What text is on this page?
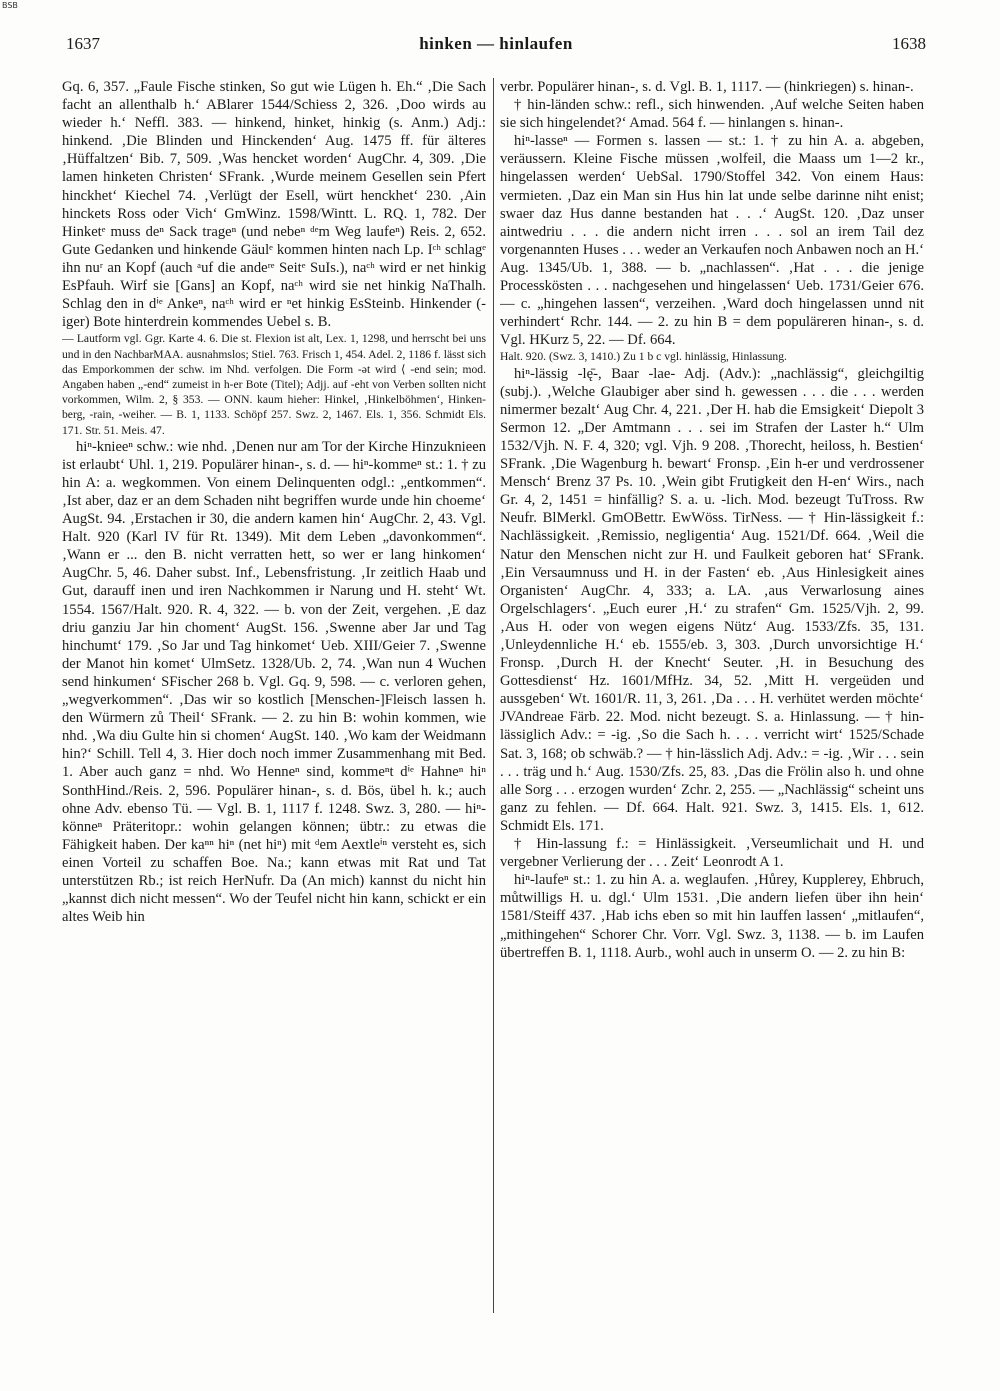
BSB
1637	hinken — hinlaufen	1638

Gq. 6, 357. „Faule Fische stinken, So gut wie Lügen h. Eh.“ ‚Die Sach facht an allenthalb h.‘ ABlarer 1544/Schiess 2, 326. ‚Doo wirds au wieder h.‘ Neffl. 383. — hinkend, hinket, hinkig (s. Anm.) Adj.: hinkend. ‚Die Blinden und Hinckenden‘ Aug. 1475 ff. für älteres ‚Hüffaltzen‘ Bib. 7, 509. ‚Was hencket worden‘ AugChr. 4, 309. ‚Die lamen hinketen Christen‘ SFrank. ‚Wurde meinem Gesellen sein Pfert hinckhet‘ Kiechel 74. ‚Verlügt der Esell, würt henckhet‘ 230. ‚Ain hinckets Ross oder Vich‘ GmWinz. 1598/Wintt. L. RQ. 1, 782. Der Hinketᵉ muss deⁿ Sack trageⁿ (und nebeⁿ ᵈᵉm Weg laufeⁿ) Reis. 2, 652. Gute Gedanken und hinkende Gäulᵉ kommen hinten nach Lp. Iᶜʰ schlagᵉ ihn nuʳ an Kopf (auch ᵃuf die andeʳᵉ Seitᵉ SuIs.), naᶜʰ wird er net hinkig EsPfauh. Wirf sie [Gans] an Kopf, naᶜʰ wird sie net hinkig NaThalh. Schlag den in dⁱᵉ Ankeⁿ, naᶜʰ wird er ⁿet hinkig EsSteinb. Hinkender (-iger) Bote hinterdrein kommendes Uebel s. B.

— Lautform vgl. Ggr. Karte 4. 6. Die st. Flexion ist alt, Lex. 1, 1298, und herrscht bei uns und in den NachbarMAA. ausnahmslos; Stiel. 763. Frisch 1, 454. Adel. 2, 1186 f. lässt sich das Emporkommen der schw. im Nhd. verfolgen. Die Form -ət wird ⟨ -end sein; mod. Angaben haben „-end“ zumeist in h-er Bote (Titel); Adjj. auf -eht von Verben sollten nicht vorkommen, Wilm. 2, § 353. — ONN. kaum hieher: Hinkel, ‚Hinkelböhmen‘, Hinken-berg, -rain, -weiher. — B. 1, 1133. Schöpf 257. Swz. 2, 1467. Els. 1, 356. Schmidt Els. 171. Str. 51. Meis. 47.

hiⁿ-knieeⁿ schw.: wie nhd. ‚Denen nur am Tor der Kirche Hinzuknieen ist erlaubt‘ Uhl. 1, 219. Populärer hinan-, s. d. — hiⁿ-kommeⁿ st.: 1. † zu hin A: a. wegkommen. Von einem Delinquenten odgl.: „entkommen“. ‚Ist aber, daz er an dem Schaden niht begriffen wurde unde hin choeme‘ AugSt. 94. ‚Erstachen ir 30, die andern kamen hin‘ AugChr. 2, 43. Vgl. Halt. 920 (Karl IV für Rt. 1349). Mit dem Leben „davonkommen“. ‚Wann er ... den B. nicht verratten hett, so wer er lang hinkomen‘ AugChr. 5, 46. Daher subst. Inf., Lebensfristung. ‚Ir zeitlich Haab und Gut, darauff inen und iren Nachkommen ir Narung und H. steht‘ Wt. 1554. 1567/Halt. 920. R. 4, 322. — b. von der Zeit, vergehen. ‚E daz driu ganziu Jar hin choment‘ AugSt. 156. ‚Swenne aber Jar und Tag hinchumt‘ 179. ‚So Jar und Tag hinkomet‘ Ueb. XIII/Geier 7. ‚Swenne der Manot hin komet‘ UlmSetz. 1328/Ub. 2, 74. ‚Wan nun 4 Wuchen send hinkumen‘ SFischer 268 b. Vgl. Gq. 9, 598. — c. verloren gehen, „wegverkommen“. ‚Das wir so kostlich [Menschen-]Fleisch lassen h. den Würmern zů Theil‘ SFrank. — 2. zu hin B: wohin kommen, wie nhd. ‚Wa diu Gulte hin si chomen‘ AugSt. 140. ‚Wo kam der Weidmann hin?‘ Schill. Tell 4, 3. Hier doch noch immer Zusammenhang mit Bed. 1. Aber auch ganz = nhd. Wo Henneⁿ sind, kommeⁿt dⁱᵉ Hahneⁿ hiⁿ SonthHind./Reis. 2, 596. Populärer hinan-, s. d. Bös, übel h. k.; auch ohne Adv. ebenso Tü. — Vgl. B. 1, 1117 f. 1248. Swz. 3, 280. — hiⁿ-könneⁿ Präteritopr.: wohin gelangen können; übtr.: zu etwas die Fähigkeit haben. Der kaⁿⁿ hiⁿ (net hiⁿ) mit ᵈem Aextleⁱⁿ versteht es, sich einen Vorteil zu schaffen Boe. Na.; kann etwas mit Rat und Tat unterstützen Rb.; ist reich HerNufr. Da (An mich) kannst du nicht hin „kannst dich nicht messen“. Wo der Teufel nicht hin kann, schickt er ein altes Weib hin

verbr. Populärer hinan-, s. d. Vgl. B. 1, 1117. — (hinkriegen) s. hinan-.

† hin-länden schw.: refl., sich hinwenden. ‚Auf welche Seiten haben sie sich hingelendet?‘ Amad. 564 f. — hinlangen s. hinan-.

hiⁿ-lasseⁿ — Formen s. lassen — st.: 1. † zu hin A. a. abgeben, veräussern. Kleine Fische müssen ‚wolfeil, die Maass um 1—2 kr., hingelassen werden‘ UebSal. 1790/Stoffel 342. Von einem Haus: vermieten. ‚Daz ein Man sin Hus hin lat unde selbe darinne niht enist; swaer daz Hus danne bestanden hat . . .‘ AugSt. 120. ‚Daz unser aintwedriu . . . die andern nicht irren . . . sol an irem Tail dez vorgenannten Huses . . . weder an Verkaufen noch Anbawen noch an H.‘ Aug. 1345/Ub. 1, 388. — b. „nachlassen“. ‚Hat . . . die jenige Processkösten . . . nachgesehen und hingelassen‘ Ueb. 1731/Geier 676. — c. „hingehen lassen“, verzeihen. ‚Ward doch hingelassen unnd nit verhindert‘ Rchr. 144. — 2. zu hin B = dem populäreren hinan-, s. d. Vgl. HKurz 5, 22. — Df. 664.

Halt. 920. (Swz. 3, 1410.) Zu 1 b c vgl. hinlässig, Hinlassung.

hiⁿ-lässig -lę̄-, Baar -lae- Adj. (Adv.): „nachlässig“, gleichgiltig (subj.). ‚Welche Glaubiger aber sind h. gewessen . . . die . . . werden nimermer bezalt‘ Aug Chr. 4, 221. ‚Der H. hab die Emsigkeit‘ Diepolt 3 Sermon 12. „Der Amtmann . . . sei im Strafen der Laster h.“ Ulm 1532/Vjh. N. F. 4, 320; vgl. Vjh. 9 208. ‚Thorecht, heiloss, h. Bestien‘ SFrank. ‚Die Wagenburg h. bewart‘ Fronsp. ‚Ein h-er und verdrossener Mensch‘ Brenz 37 Ps. 10. ‚Wein gibt Frutigkeit den H-en‘ Wirs., nach Gr. 4, 2, 1451 = hinfällig? S. a. u. -lich. Mod. bezeugt TuTross. Rw Neufr. BlMerkl. GmOBettr. EwWöss. TirNess. — † Hin-lässigkeit f.: Nachlässigkeit. ‚Remissio, negligentia‘ Aug. 1521/Df. 664. ‚Weil die Natur den Menschen nicht zur H. und Faulkeit geboren hat‘ SFrank. ‚Ein Versaumnuss und H. in der Fasten‘ eb. ‚Aus Hinlesigkeit aines Organisten‘ AugChr. 4, 333; a. LA. ‚aus Verwarlosung aines Orgelschlagers‘. „Euch eurer ‚H.‘ zu strafen“ Gm. 1525/Vjh. 2, 99. ‚Aus H. oder von wegen eigens Nütz‘ Aug. 1533/Zfs. 35, 131. ‚Unleydennliche H.‘ eb. 1555/eb. 3, 303. ‚Durch unvorsichtige H.‘ Fronsp. ‚Durch H. der Knecht‘ Seuter. ‚H. in Besuchung des Gottesdienst‘ Hz. 1601/MfHz. 34, 52. ‚Mitt H. vergeüden und aussgeben‘ Wt. 1601/R. 11, 3, 261. ‚Da . . . H. verhütet werden möchte‘ JVAndreae Färb. 22. Mod. nicht bezeugt. S. a. Hinlassung. — † hin-lässiglich Adv.: = -ig. ‚So die Sach h. . . . verricht wirt‘ 1525/Schade Sat. 3, 168; ob schwäb.? — † hin-lässlich Adj. Adv.: = -ig. ‚Wir . . . sein . . . träg und h.‘ Aug. 1530/Zfs. 25, 83. ‚Das die Frölin also h. und ohne alle Sorg . . . erzogen wurden‘ Zchr. 2, 255. — „Nachlässig“ scheint uns ganz zu fehlen. — Df. 664. Halt. 921. Swz. 3, 1415. Els. 1, 612. Schmidt Els. 171.

† Hin-lassung f.: = Hinlässigkeit. ‚Verseumlichait und H. und vergebner Verlierung der . . . Zeit‘ Leonrodt A 1.

hiⁿ-laufeⁿ st.: 1. zu hin A. a. weglaufen. ‚Hůrey, Kupplerey, Ehbruch, můtwilligs H. u. dgl.‘ Ulm 1531. ‚Die andern liefen über ihn hein‘ 1581/Steiff 437. ‚Hab ichs eben so mit hin lauffen lassen‘ „mitlaufen“, „mithingehen“ Schorer Chr. Vorr. Vgl. Swz. 3, 1138. — b. im Laufen übertreffen B. 1, 1118. Aurb., wohl auch in unserm O. — 2. zu hin B:
